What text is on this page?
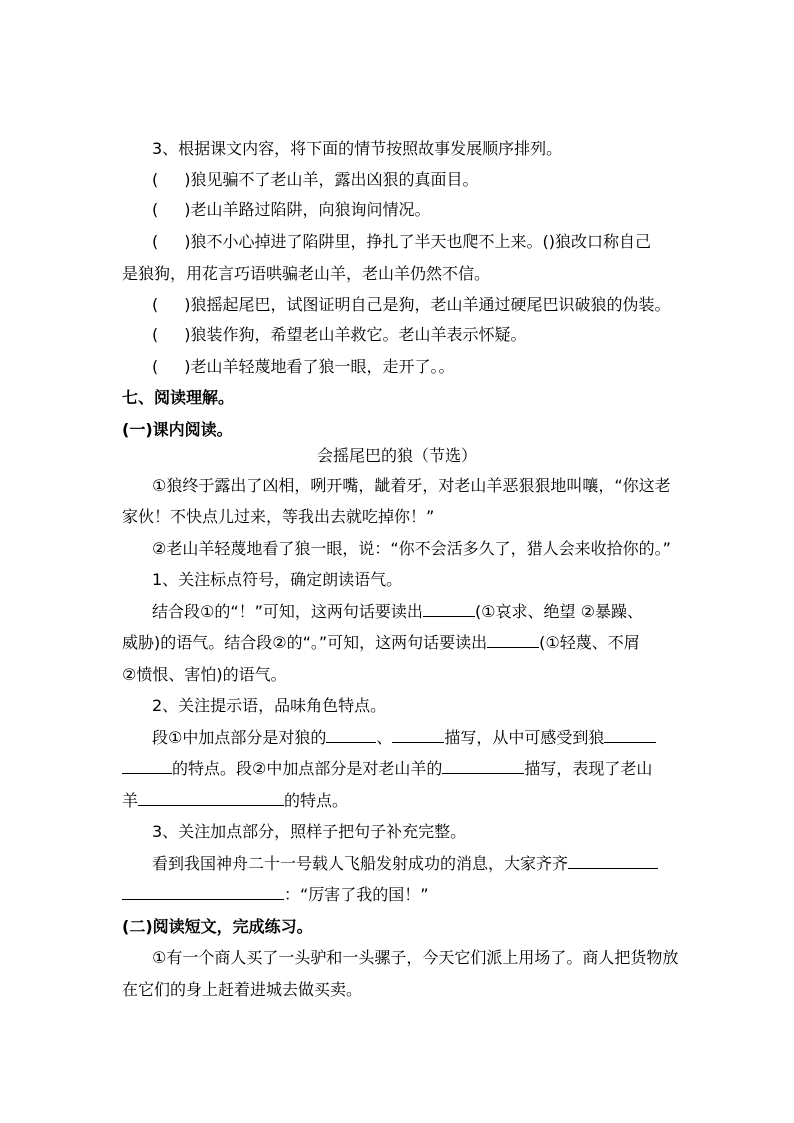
3、根据课文内容，将下面的情节按照故事发展顺序排列。
( )狼见骗不了老山羊，露出凶狠的真面目。
( )老山羊路过陷阱，向狼询问情况。
( )狼不小心掉进了陷阱里，挣扎了半天也爬不上来。()狼改口称自己
是狼狗，用花言巧语哄骗老山羊，老山羊仍然不信。
( )狼摇起尾巴，试图证明自己是狗，老山羊通过硬尾巴识破狼的伪装。
( )狼装作狗，希望老山羊救它。老山羊表示怀疑。
( )老山羊轻蔑地看了狼一眼，走开了。。
七、阅读理解。
(一)课内阅读。
会摇尾巴的狼（节选）
①狼终于露出了凶相，咧开嘴，龇着牙，对老山羊恶狠狠地叫嚷，“你这老
家伙！不快点儿过来，等我出去就吃掉你！”
②老山羊轻蔑地看了狼一眼，说：“你不会活多久了，猎人会来收拾你的。”
1、关注标点符号，确定朗读语气。
结合段①的“！”可知，这两句话要读出	(①哀求、绝望 ②暴躁、
威胁)的语气。结合段②的“。”可知，这两句话要读出	(①轻蔑、不屑
②愤恨、害怕)的语气。
2、关注提示语，品味角色特点。
段①中加点部分是对狼的	、	描写，从中可感受到狼
的特点。段②中加点部分是对老山羊的	描写，表现了老山
羊	的特点。
3、关注加点部分，照样子把句子补充完整。
看到我国神舟二十一号载人飞船发射成功的消息，大家齐齐
：“厉害了我的国！”
(二)阅读短文，完成练习。
①有一个商人买了一头驴和一头骡子，今天它们派上用场了。商人把货物放
在它们的身上赶着进城去做买卖。
